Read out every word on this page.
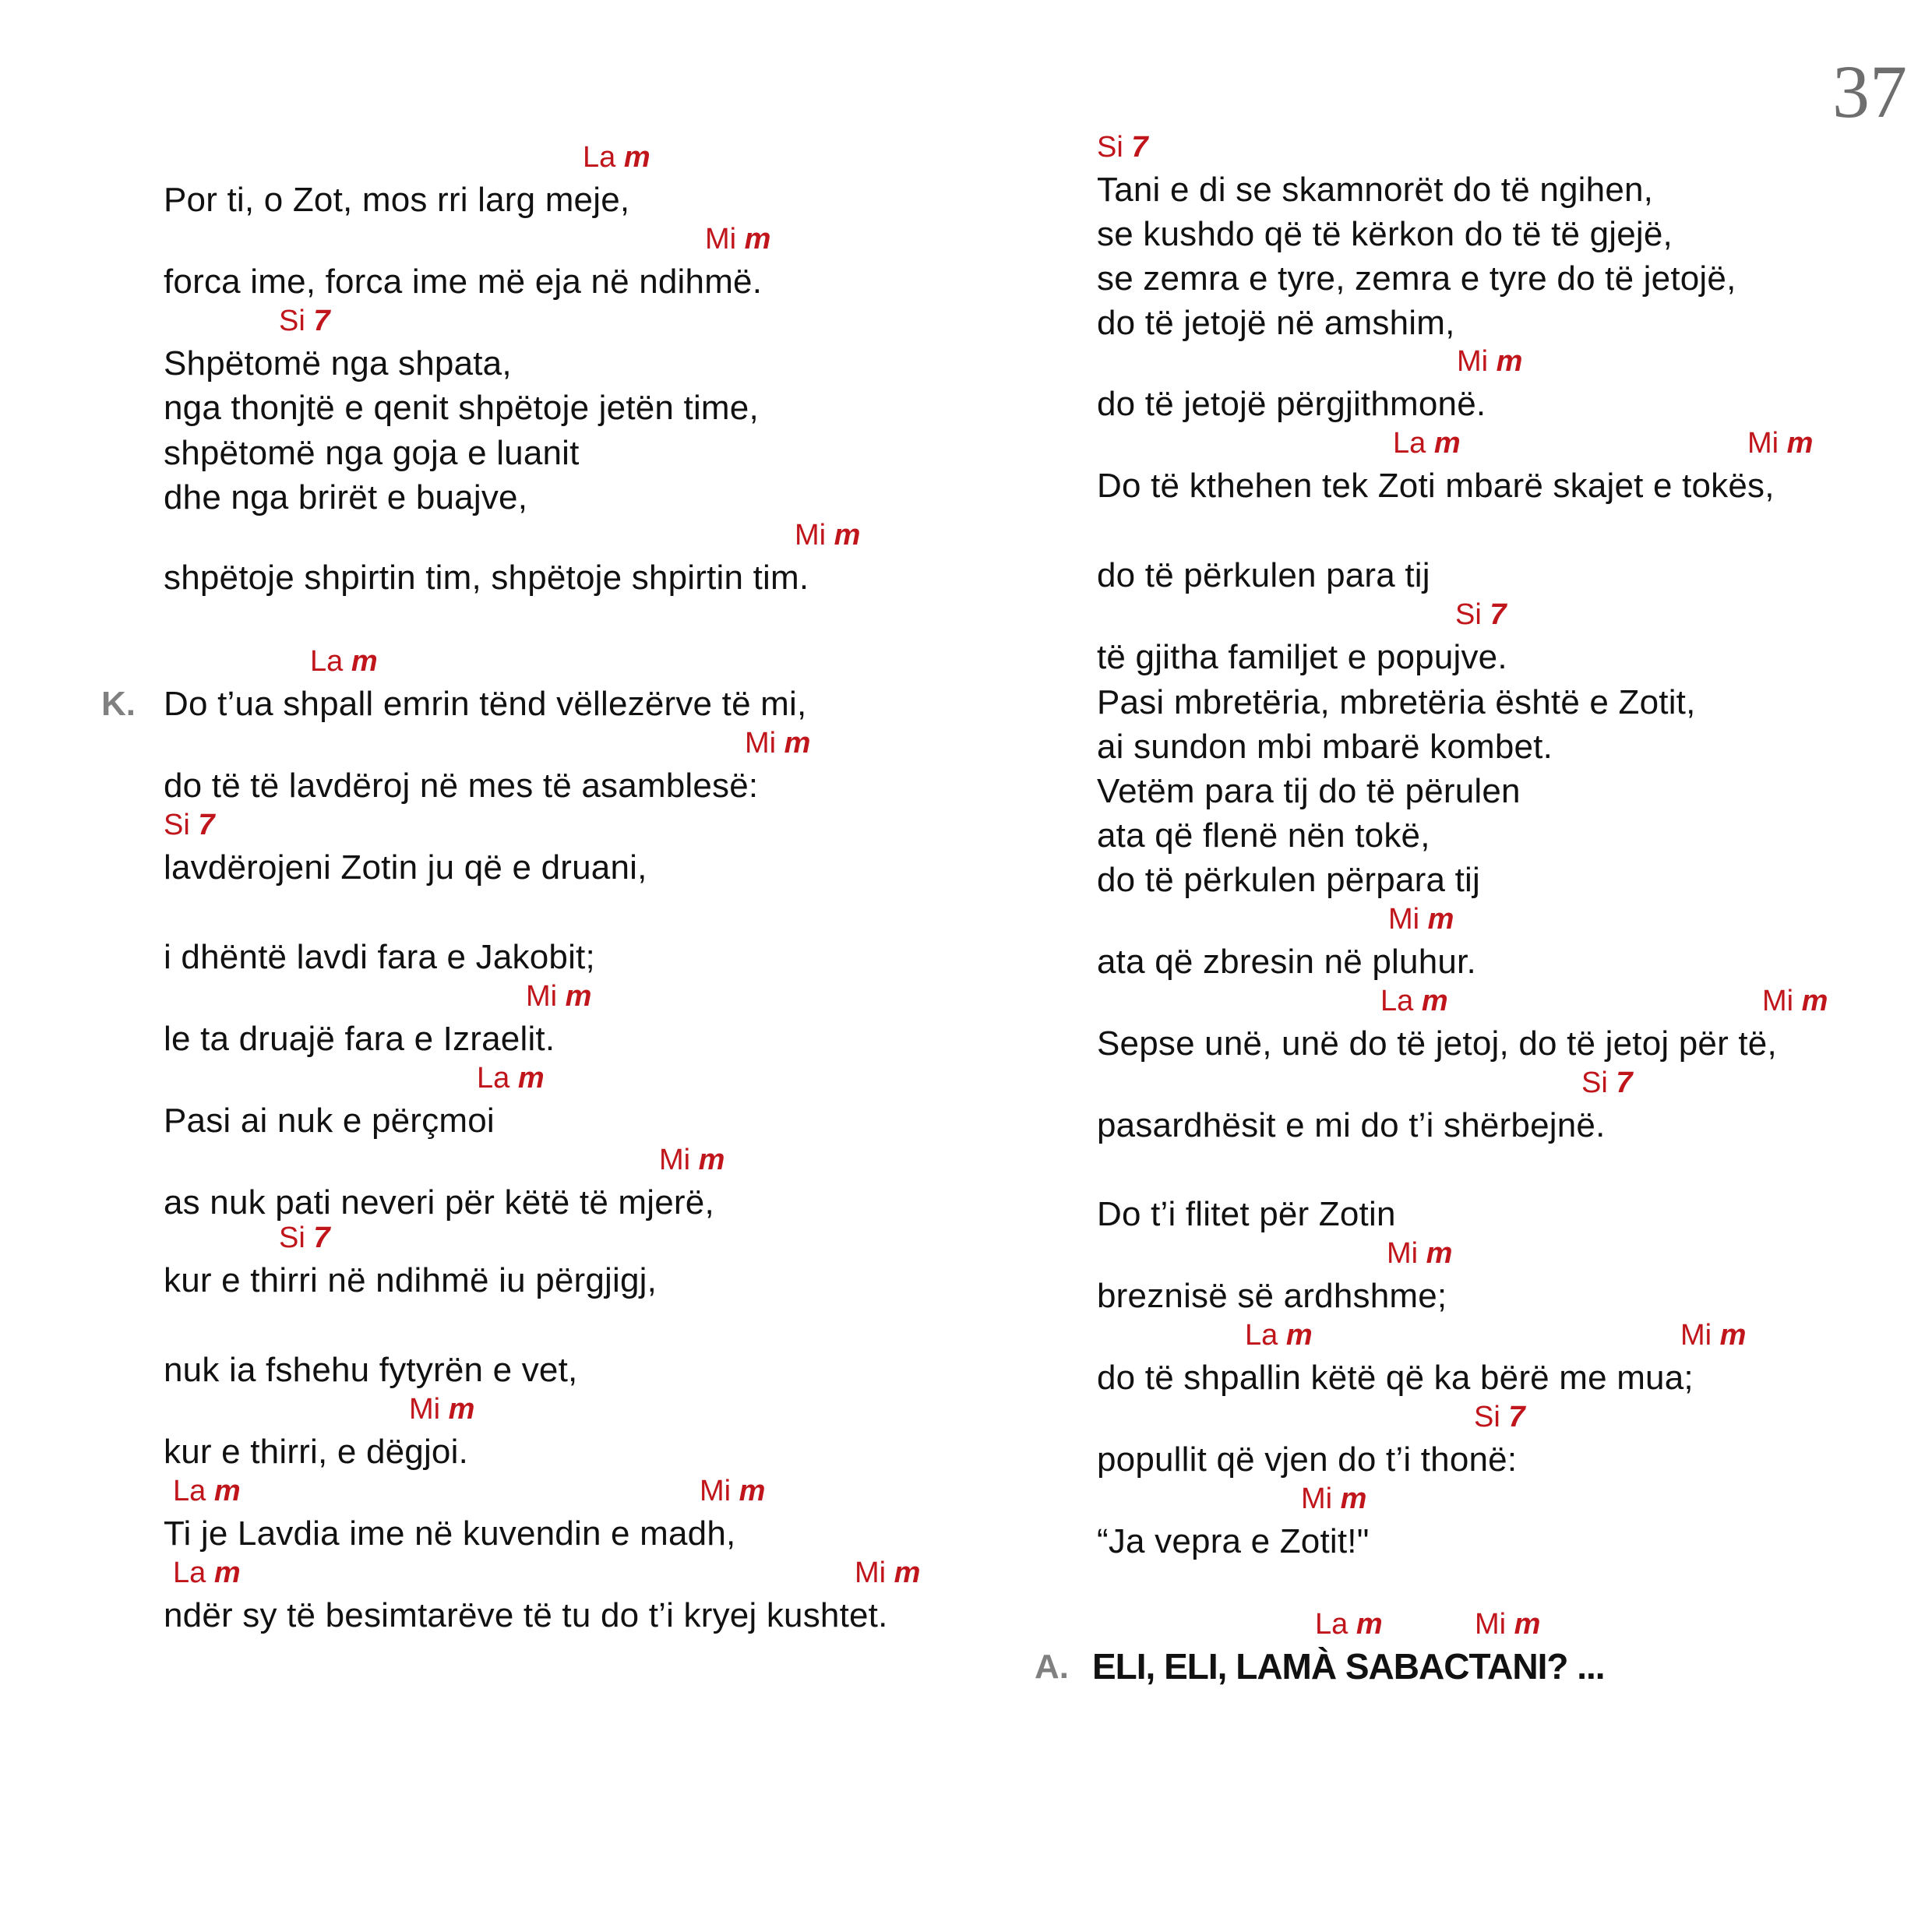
37
Por ti, o Zot, mos rri larg meje,
La m
forca ime, forca ime më eja në ndihmë.
Mi m
Shpëtomë nga shpata,
Si 7
nga thonjtë e qenit shpëtoje jetën time,
shpëtomë nga goja e luanit
dhe nga brirët e buajve,
shpëtoje shpirtin tim, shpëtoje shpirtin tim.
Mi m
Do t’ua shpall emrin tënd vëllezërve të mi,
K.
La m
do të të lavdëroj në mes të asamblesë:
Mi m
lavdërojeni Zotin ju që e druani,
Si 7
i dhëntë lavdi fara e Jakobit;
le ta druajë fara e Izraelit.
Mi m
Pasi ai nuk e përçmoi
La m
as nuk pati neveri për këtë të mjerë,
Mi m
kur e thirri në ndihmë iu përgjigj,
Si 7
nuk ia fshehu fytyrën e vet,
kur e thirri, e dëgjoi.
Mi m
Ti je Lavdia ime në kuvendin e madh,
La m	Mi m
ndër sy të besimtarëve të tu do t’i kryej kushtet.
La m	Mi m
Tani e di se skamnorët do të ngihen,
Si 7
se kushdo që të kërkon do të të gjejë,
se zemra e tyre, zemra e tyre do të jetojë,
do të jetojë në amshim,
do të jetojë përgjithmonë.
Mi m
Do të kthehen tek Zoti mbarë skajet e tokës,
La m	Mi m
do të përkulen para tij
të gjitha familjet e popujve.
Si 7
Pasi mbretëria, mbretëria është e Zotit,
ai sundon mbi mbarë kombet.
Vetëm para tij do të përulen
ata që flenë nën tokë,
do të përkulen përpara tij
ata që zbresin në pluhur.
Mi m
Sepse unë, unë do të jetoj, do të jetoj për të,
La m	Mi m
pasardhësit e mi do t’i shërbejnë.
Si 7
Do t’i flitet për Zotin
breznisë së ardhshme;
Mi m
do të shpallin këtë që ka bërë me mua;
La m	Mi m
popullit që vjen do t’i thonë:
Si 7
“Ja vepra e Zotit!"
Mi m
A. ELI, ELI, LAMÀ SABACTANI? ...
La m	Mi m
